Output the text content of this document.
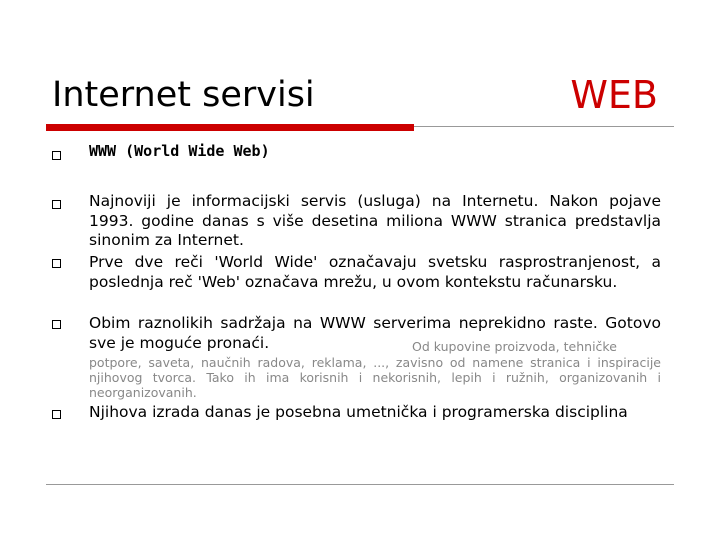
Internet servisi	WEB
WWW (World Wide Web)
Najnoviji je informacijski servis (usluga) na Internetu. Nakon pojave 1993. godine danas s više desetina miliona WWW stranica predstavlja sinonim za Internet.
Prve dve reči 'World Wide' označavaju svetsku rasprostranjenost, a poslednja reč 'Web' označava mrežu, u ovom kontekstu računarsku.
Obim raznolikih sadržaja na WWW serverima neprekidno raste. Gotovo sve je moguće pronaći.	Od kupovine proizvoda, tehničke
potpore, saveta, naučnih radova, reklama, ..., zavisno od namene stranica i inspiracije njihovog tvorca. Tako ih ima korisnih i nekorisnih, lepih i ružnih, organizovanih i neorganizovanih.
Njihova izrada danas je posebna umetnička i programerska disciplina
